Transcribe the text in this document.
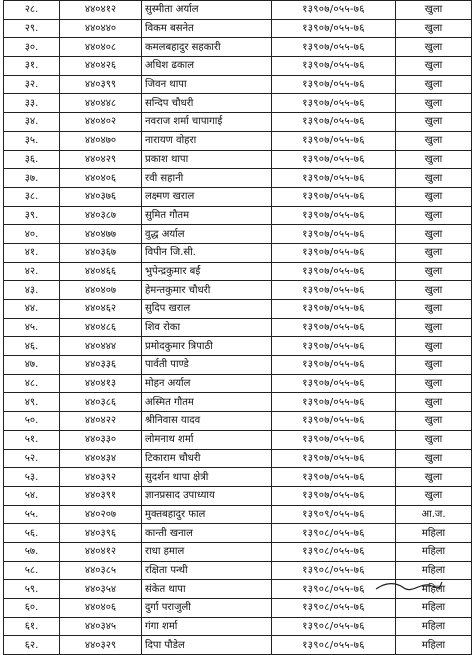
२८.	४४०४१२	सुस्मीता अर्याल	१३९०७/०५५-७६	खुला
२९.	४४०४४०	विकम बसनेत	१३९०७/०५५-७६	खुला
३०.	४४०४०८	कमलबहादुर सहकारी	१३९०७/०५५-७६	खुला
३१.	४४०४२६	अधिश ढकाल	१३९०७/०५५-७६	खुला
३२.	४४०३९९	जिवन थापा	१३९०७/०५५-७६	खुला
३३.	४४०४४८	सन्दिप चौधरी	१३९०७/०५५-७६	खुला
३४.	४४०४०२	नवराज शर्मा चापागाई	१३९०७/०५५-७६	खुला
३५.	४४०४७०	नारायण वोहरा	१३९०७/०५५-७६	खुला
३६.	४४०४२९	प्रकाश थापा	१३९०७/०५५-७६	खुला
३७.	४४०४०६	रवी सहानी	१३९०७/०५५-७६	खुला
३८.	४४०३७६	लक्ष्मण खराल	१३९०७/०५५-७६	खुला
३९.	४४०३८७	सुमित गौतम	१३९०७/०५५-७६	खुला
४०.	४४०४७७	वुद्ध अर्याल	१३९०७/०५५-७६	खुला
४१.	४४०३६७	विपीन जि.सी.	१३९०७/०५५-७६	खुला
४२.	४४०४६६	भुपेन्द्रकुमार बर्ई	१३९०७/०५५-७६	खुला
४३.	४४०४०७	हेमन्तकुमार चौधरी	१३९०७/०५५-७६	खुला
४४.	४४०४६२	सुदिप खराल	१३९०७/०५५-७६	खुला
४५.	४४०४८६	शिव रोका	१३९०७/०५५-७६	खुला
४६.	४४०४४४	प्रमोदकुमार त्रिपाठी	१३९०७/०५५-७६	खुला
४७.	४४०३३६	पार्वती पाण्डे	१३९०७/०५५-७६	खुला
४८.	४४०४१३	मोहन अर्याल	१३९०७/०५५-७६	खुला
४९.	४४०३८६	अस्मित गौतम	१३९०७/०५५-७६	खुला
५०.	४४०४२२	श्रीनिवास यादव	१३९०७/०५५-७६	खुला
५१.	४४०३३०	लोमनाथ शर्मा	१३९०७/०५५-७६	खुला
५२.	४४०४३४	टिकाराम चौधरी	१३९०७/०५५-७६	खुला
५३.	४४०३९२	सुदर्शन थापा क्षेत्री	१३९०७/०५५-७६	खुला
५४.	४४०३९१	ज्ञानप्रसाद उपाध्याय	१३९०७/०५५-७६	खुला
५५.	४४०२०७	मुक्तबहादुर फाल	१३९०९/०५५-७६	आ.ज.
५६.	४४०३९६	कान्ती खनाल	१३९०८/०५५-७६	महिला
५७.	४४०४१२	राधा हमाल	१३९०८/०५५-७६	महिला
५८.	४४०३८५	रक्षिता पन्थी	१३९०८/०५५-७६	महिला
५९.	४४०३५४	संकेत थापा	१३९०८/०५५-७६	महिला
६०.	४४०४०६	दुर्गा पराजुली	१३९०८/०५५-७६	महिला
६१.	४४०३४५	गंगा शर्मा	१३९०८/०५५-७६	महिला
६२.	४४०३२९	दिपा पौडेल	१३९०८/०५५-७६	महिला
